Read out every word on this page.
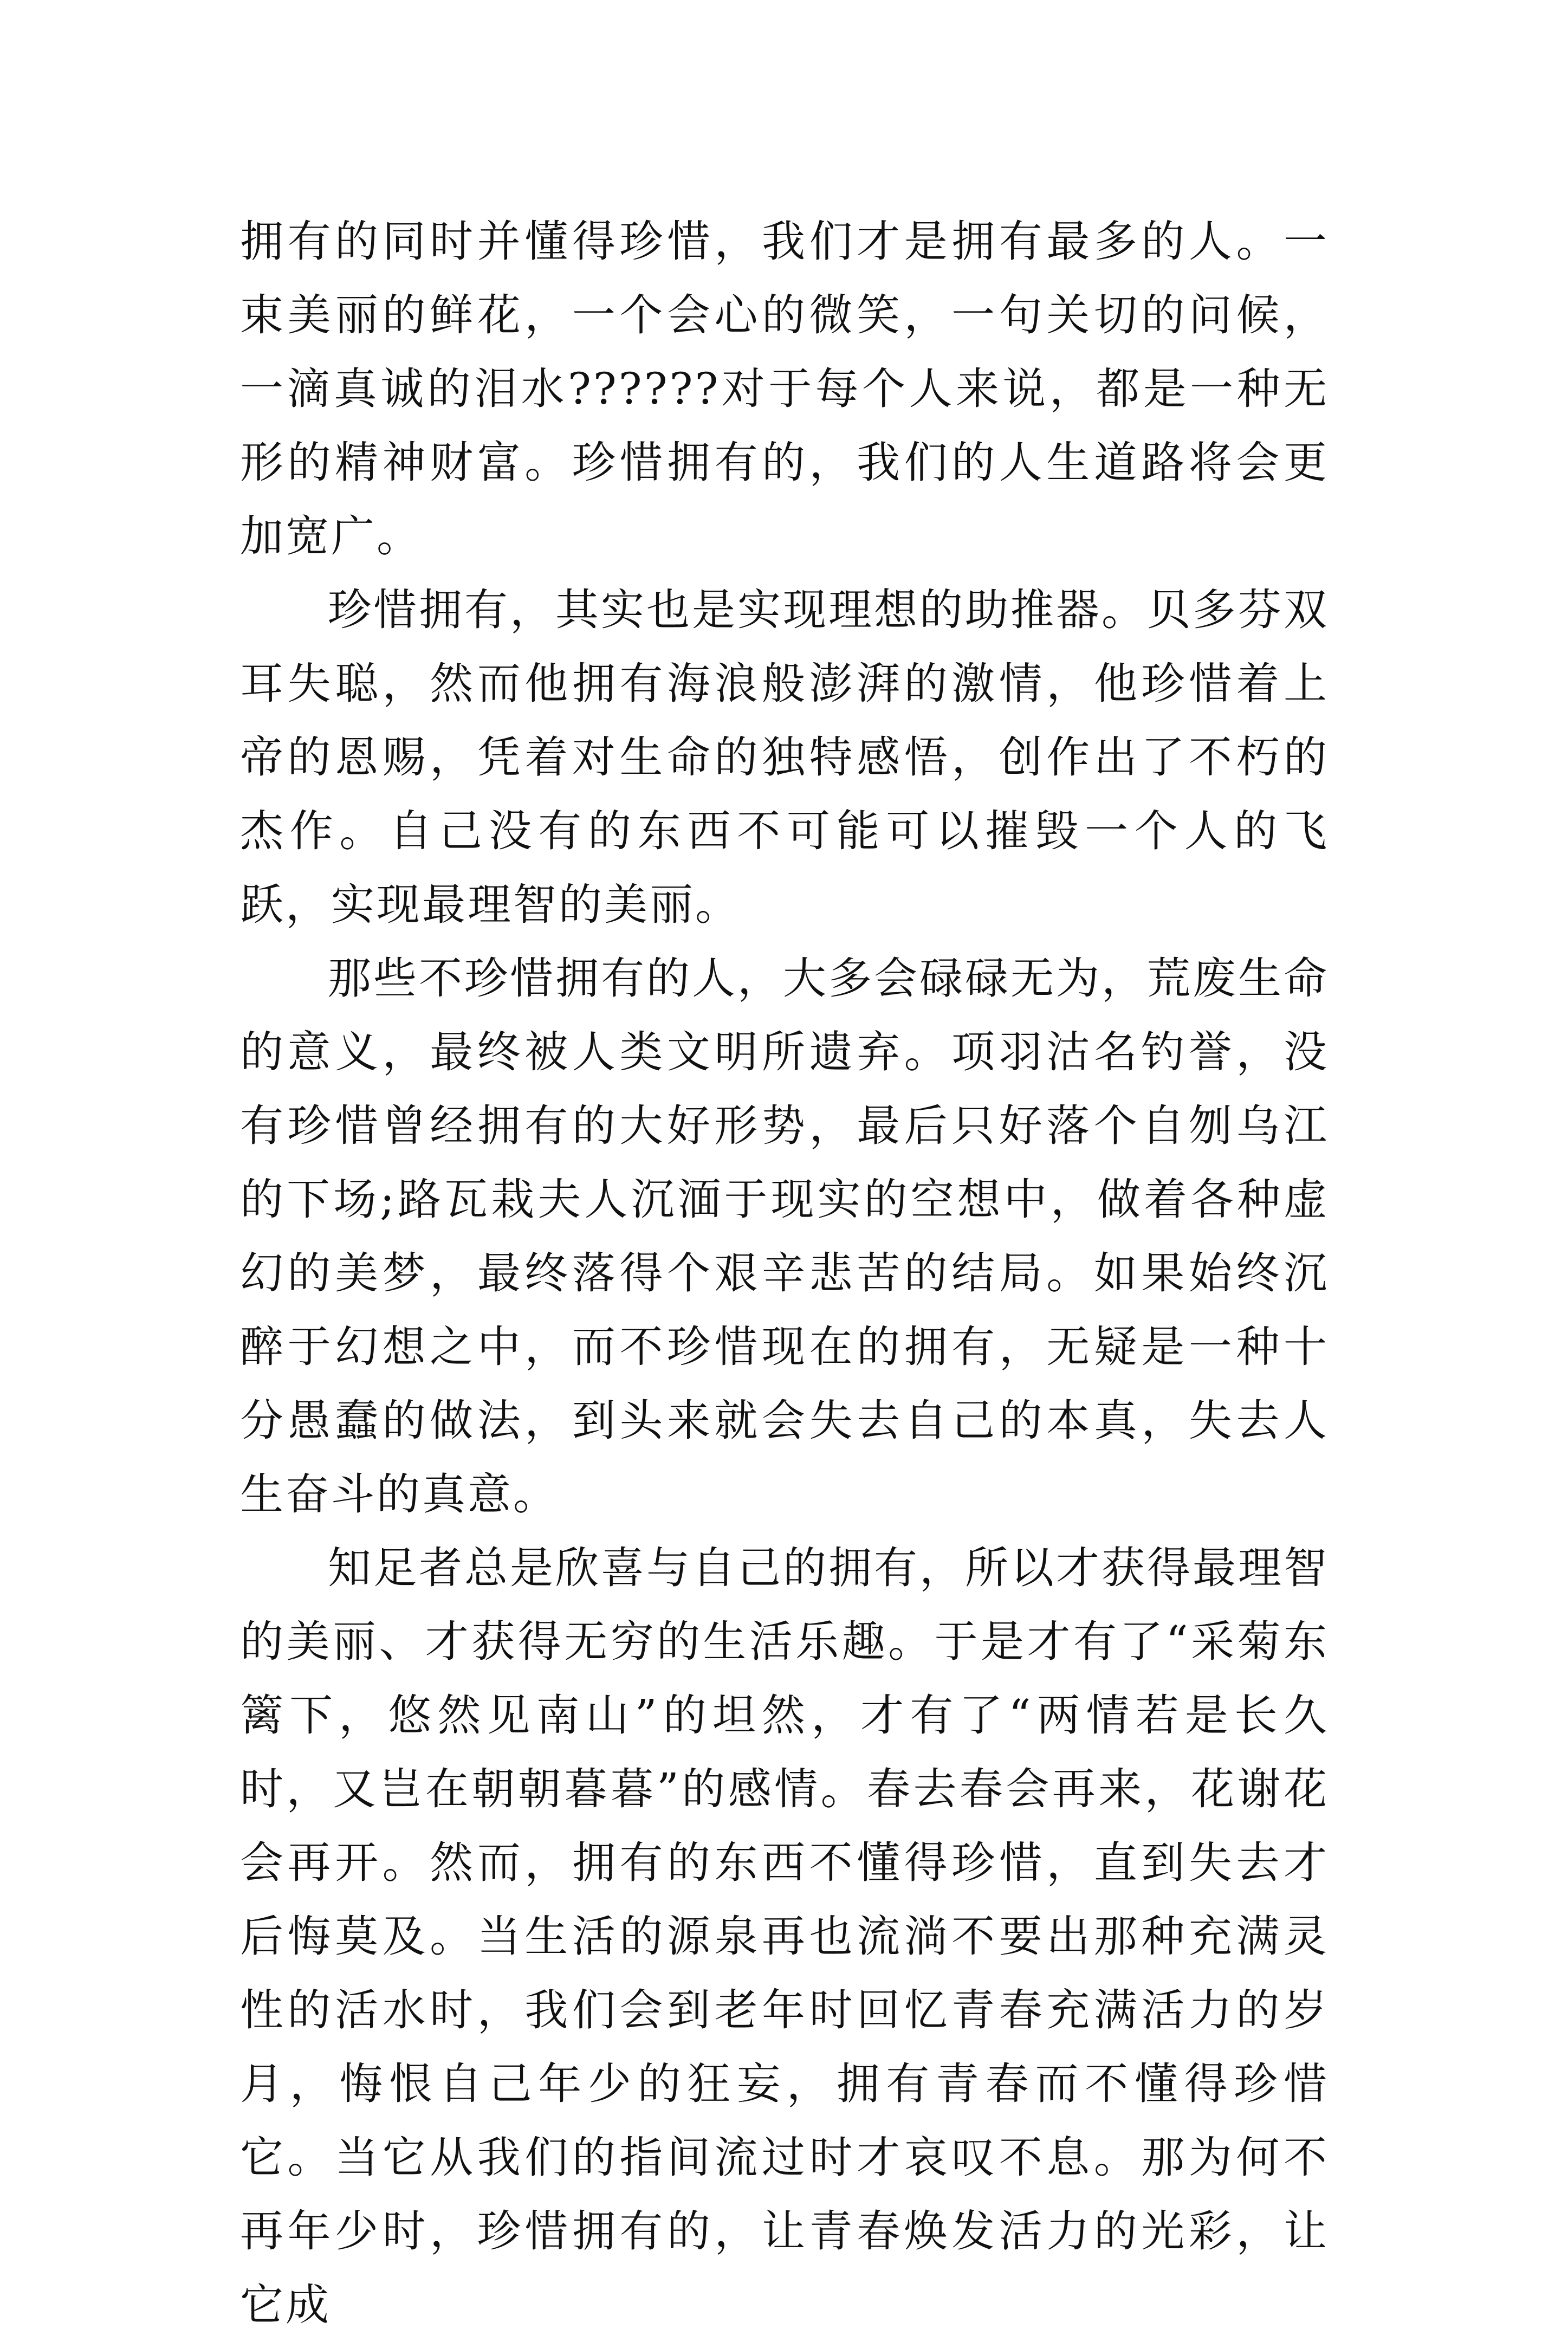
拥有的同时并懂得珍惜，我们才是拥有最多的人。一束美丽的鲜花，一个会心的微笑，一句关切的问候，一滴真诚的泪水??????对于每个人来说，都是一种无形的精神财富。珍惜拥有的，我们的人生道路将会更加宽广。

珍惜拥有，其实也是实现理想的助推器。贝多芬双耳失聪，然而他拥有海浪般澎湃的激情，他珍惜着上帝的恩赐，凭着对生命的独特感悟，创作出了不朽的杰作。自己没有的东西不可能可以摧毁一个人的飞跃，实现最理智的美丽。

那些不珍惜拥有的人，大多会碌碌无为，荒废生命的意义，最终被人类文明所遗弃。项羽沽名钓誉，没有珍惜曾经拥有的大好形势，最后只好落个自刎乌江的下场;路瓦栽夫人沉湎于现实的空想中，做着各种虚幻的美梦，最终落得个艰辛悲苦的结局。如果始终沉醉于幻想之中，而不珍惜现在的拥有，无疑是一种十分愚蠢的做法，到头来就会失去自己的本真，失去人生奋斗的真意。

知足者总是欣喜与自己的拥有，所以才获得最理智的美丽、才获得无穷的生活乐趣。于是才有了“采菊东篱下，悠然见南山”的坦然，才有了“两情若是长久时，又岂在朝朝暮暮”的感情。春去春会再来，花谢花会再开。然而，拥有的东西不懂得珍惜，直到失去才后悔莫及。当生活的源泉再也流淌不要出那种充满灵性的活水时，我们会到老年时回忆青春充满活力的岁月，悔恨自己年少的狂妄，拥有青春而不懂得珍惜它。当它从我们的指间流过时才哀叹不息。那为何不再年少时，珍惜拥有的，让青春焕发活力的光彩，让它成
